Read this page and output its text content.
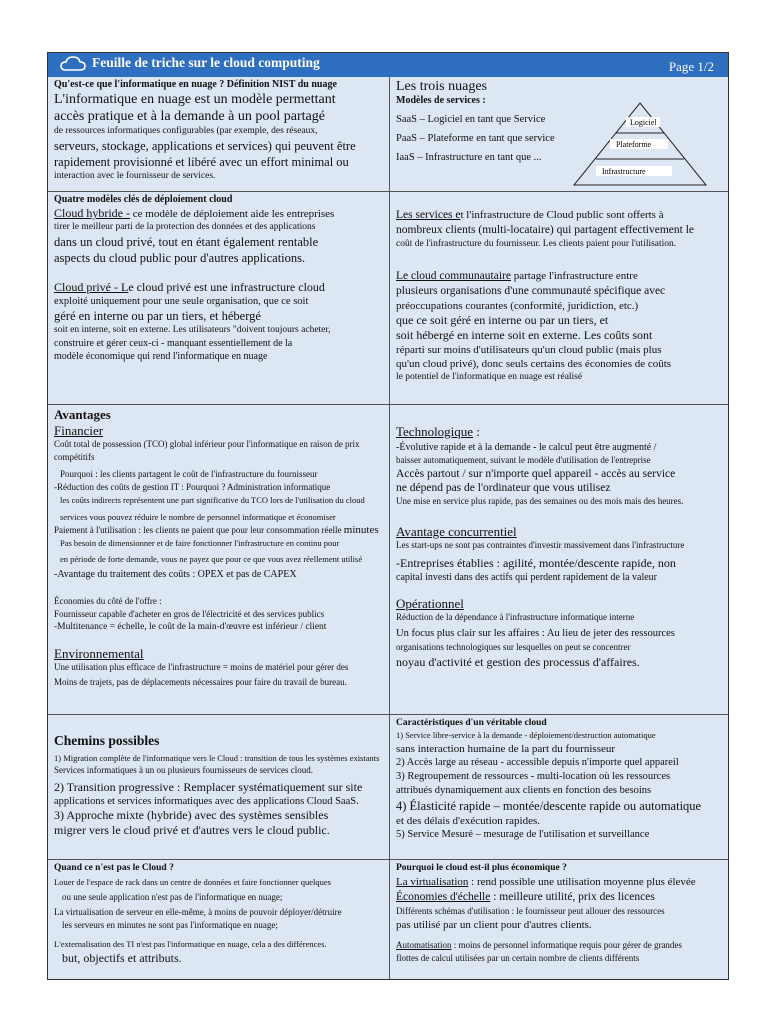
Feuille de triche sur le cloud computing	Page 1/2

Qu'est-ce que l'informatique en nuage ? Définition NIST du nuage

L'informatique en nuage est un modèle permettant

accès pratique et à la demande à un pool partagé

de ressources informatiques configurables (par exemple, des réseaux,

serveurs, stockage, applications et services) qui peuvent être

rapidement provisionné et libéré avec un effort minimal ou

interaction avec le fournisseur de services.

Les trois nuages

Modèles de services :

SaaS – Logiciel en tant que Service

PaaS – Plateforme en tant que service

IaaS – Infrastructure en tant que ...

Logiciel
Plateforme
Infrastructure

Quatre modèles clés de déploiement cloud

Cloud hybride - ce modèle de déploiement aide les entreprises

tirer le meilleur parti de la protection des données et des applications

dans un cloud privé, tout en étant également rentable

aspects du cloud public pour d'autres applications.

Cloud privé - Le cloud privé est une infrastructure cloud

exploité uniquement pour une seule organisation, que ce soit

géré en interne ou par un tiers, et hébergé

soit en interne, soit en externe. Les utilisateurs "doivent toujours acheter,

construire et gérer ceux-ci - manquant essentiellement de la

modèle économique qui rend l'informatique en nuage

Les services et l'infrastructure de Cloud public sont offerts à

nombreux clients (multi-locataire) qui partagent effectivement le

coût de l'infrastructure du fournisseur. Les clients paient pour l'utilisation.

Le cloud communautaire partage l'infrastructure entre

plusieurs organisations d'une communauté spécifique avec

préoccupations courantes (conformité, juridiction, etc.)

que ce soit géré en interne ou par un tiers, et

soit hébergé en interne soit en externe. Les coûts sont

réparti sur moins d'utilisateurs qu'un cloud public (mais plus

qu'un cloud privé), donc seuls certains des économies de coûts

le potentiel de l'informatique en nuage est réalisé

Avantages

Financier

Coût total de possession (TCO) global inférieur pour l'informatique en raison de prix compétitifs

Pourquoi : les clients partagent le coût de l'infrastructure du fournisseur

-Réduction des coûts de gestion IT : Pourquoi ? Administration informatique

les coûts indirects représentent une part significative du TCO lors de l'utilisation du cloud

services vous pouvez réduire le nombre de personnel informatique et économiser

Paiement à l'utilisation : les clients ne paient que pour leur consommation réelle minutes

Pas besoin de dimensionner et de faire fonctionner l'infrastructure en continu pour

en période de forte demande, vous ne payez que pour ce que vous avez réellement utilisé

-Avantage du traitement des coûts : OPEX et pas de CAPEX

Économies du côté de l'offre :

Fournisseur capable d'acheter en gros de l'électricité et des services publics

-Multitenance = échelle, le coût de la main-d'œuvre est inférieur / client

Environnemental

Une utilisation plus efficace de l'infrastructure = moins de matériel pour gérer des

Moins de trajets, pas de déplacements nécessaires pour faire du travail de bureau.

Technologique :

-Évolutive rapide et à la demande - le calcul peut être augmenté /

baisser automatiquement, suivant le modèle d'utilisation de l'entreprise

Accès partout / sur n'importe quel appareil - accès au service

ne dépend pas de l'ordinateur que vous utilisez

Une mise en service plus rapide, pas des semaines ou des mois mais des heures.

Avantage concurrentiel

Les start-ups ne sont pas contraintes d'investir massivement dans l'infrastructure

-Entreprises établies : agilité, montée/descente rapide, non

capital investi dans des actifs qui perdent rapidement de la valeur

Opérationnel

Réduction de la dépendance à l'infrastructure informatique interne

Un focus plus clair sur les affaires : Au lieu de jeter des ressources

organisations technologiques sur lesquelles on peut se concentrer

noyau d'activité et gestion des processus d'affaires.

Chemins possibles

1) Migration complète de l'informatique vers le Cloud : transition de tous les systèmes existants

Services informatiques à un ou plusieurs fournisseurs de services cloud.

2) Transition progressive : Remplacer systématiquement sur site

applications et services informatiques avec des applications Cloud SaaS.

3) Approche mixte (hybride) avec des systèmes sensibles

migrer vers le cloud privé et d'autres vers le cloud public.

Caractéristiques d'un véritable cloud

1) Service libre-service à la demande - déploiement/destruction automatique

sans interaction humaine de la part du fournisseur

2) Accès large au réseau - accessible depuis n'importe quel appareil

3) Regroupement de ressources - multi-location où les ressources

attribués dynamiquement aux clients en fonction des besoins

4) Élasticité rapide – montée/descente rapide ou automatique

et des délais d'exécution rapides.

5) Service Mesuré – mesurage de l'utilisation et surveillance

Quand ce n'est pas le Cloud ?

Louer de l'espace de rack dans un centre de données et faire fonctionner quelques

ou une seule application n'est pas de l'informatique en nuage;

La virtualisation de serveur en elle-même, à moins de pouvoir déployer/détruire

les serveurs en minutes ne sont pas l'informatique en nuage;

L'externalisation des TI n'est pas l'informatique en nuage, cela a des différences.

but, objectifs et attributs.

Pourquoi le cloud est-il plus économique ?

La virtualisation : rend possible une utilisation moyenne plus élevée

Économies d'échelle : meilleure utilité, prix des licences

Différents schémas d'utilisation : le fournisseur peut allouer des ressources

pas utilisé par un client pour d'autres clients.

Automatisation : moins de personnel informatique requis pour gérer de grandes

flottes de calcul utilisées par un certain nombre de clients différents
